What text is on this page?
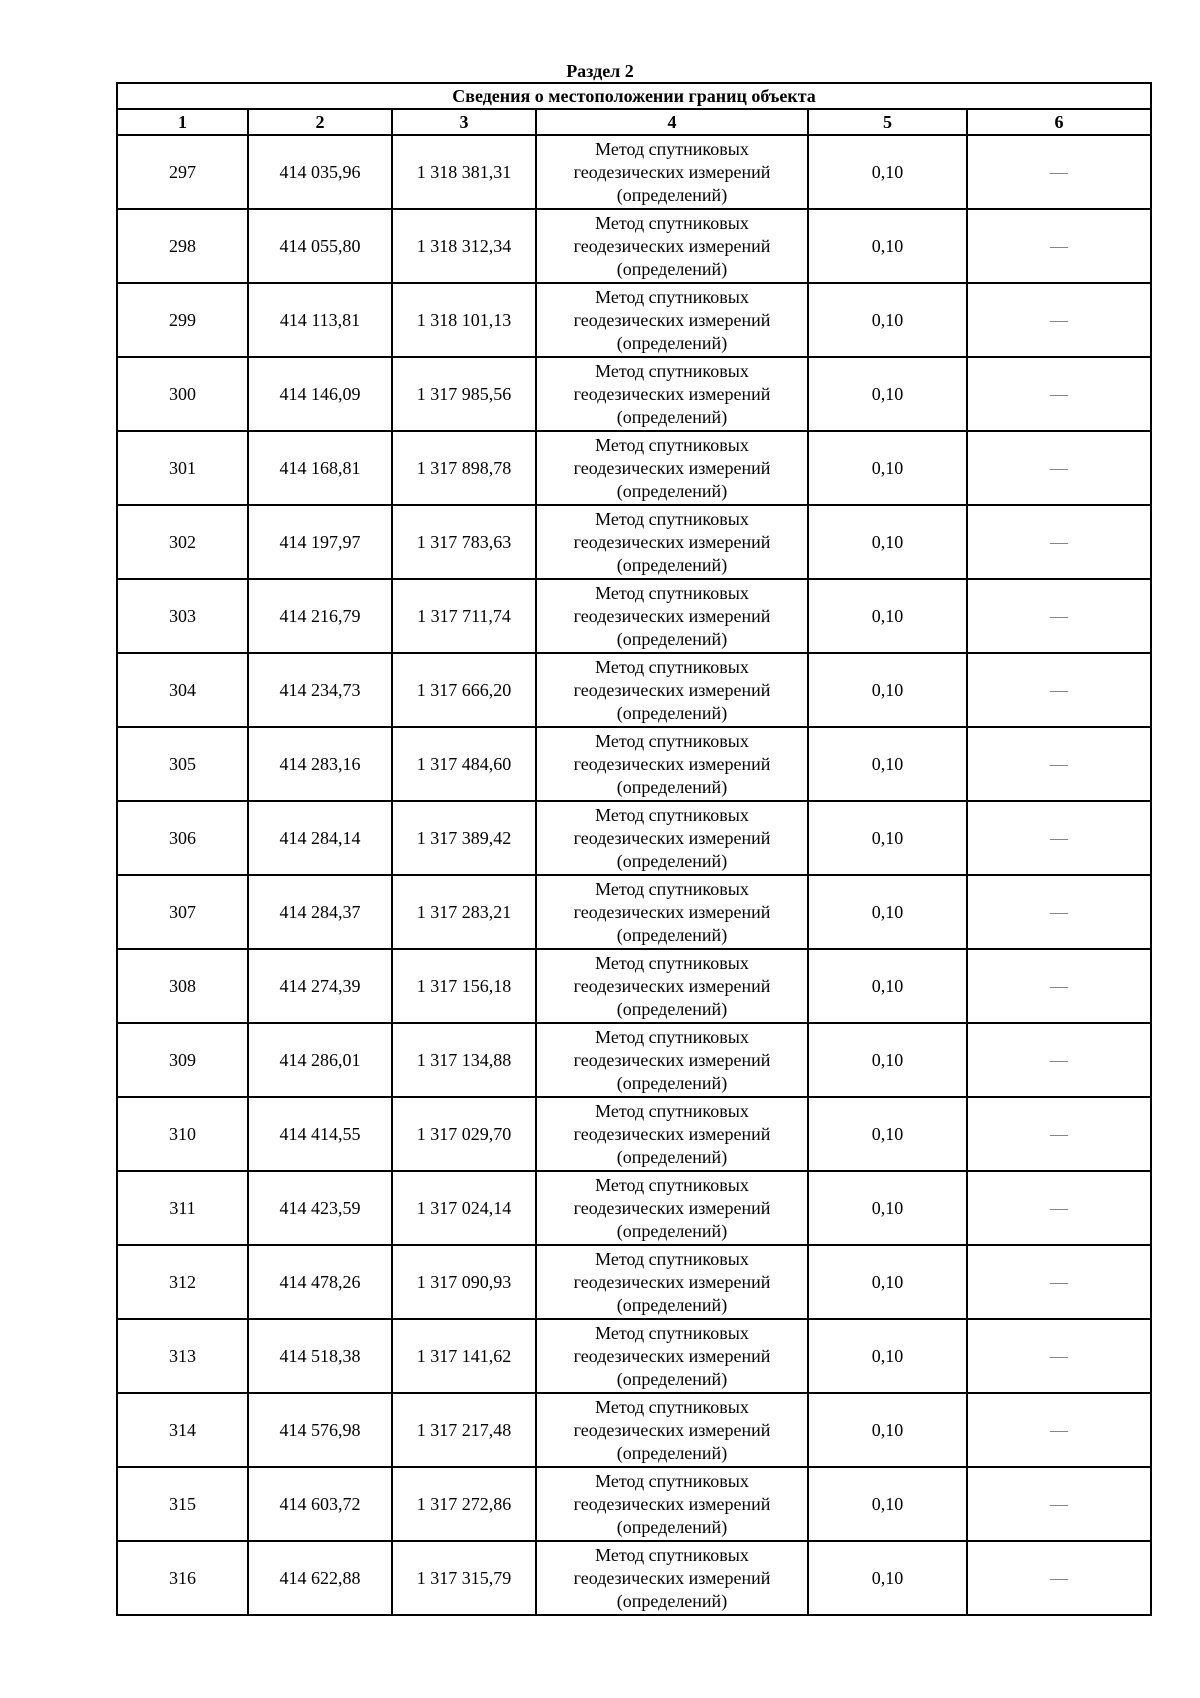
Раздел 2
Сведения о местоположении границ объекта					
1	2	3	4	5	6
297	414 035,96	1 318 381,31	Метод спутниковых геодезических измерений (определений)	0,10	—
298	414 055,80	1 318 312,34	Метод спутниковых геодезических измерений (определений)	0,10	—
299	414 113,81	1 318 101,13	Метод спутниковых геодезических измерений (определений)	0,10	—
300	414 146,09	1 317 985,56	Метод спутниковых геодезических измерений (определений)	0,10	—
301	414 168,81	1 317 898,78	Метод спутниковых геодезических измерений (определений)	0,10	—
302	414 197,97	1 317 783,63	Метод спутниковых геодезических измерений (определений)	0,10	—
303	414 216,79	1 317 711,74	Метод спутниковых геодезических измерений (определений)	0,10	—
304	414 234,73	1 317 666,20	Метод спутниковых геодезических измерений (определений)	0,10	—
305	414 283,16	1 317 484,60	Метод спутниковых геодезических измерений (определений)	0,10	—
306	414 284,14	1 317 389,42	Метод спутниковых геодезических измерений (определений)	0,10	—
307	414 284,37	1 317 283,21	Метод спутниковых геодезических измерений (определений)	0,10	—
308	414 274,39	1 317 156,18	Метод спутниковых геодезических измерений (определений)	0,10	—
309	414 286,01	1 317 134,88	Метод спутниковых геодезических измерений (определений)	0,10	—
310	414 414,55	1 317 029,70	Метод спутниковых геодезических измерений (определений)	0,10	—
311	414 423,59	1 317 024,14	Метод спутниковых геодезических измерений (определений)	0,10	—
312	414 478,26	1 317 090,93	Метод спутниковых геодезических измерений (определений)	0,10	—
313	414 518,38	1 317 141,62	Метод спутниковых геодезических измерений (определений)	0,10	—
314	414 576,98	1 317 217,48	Метод спутниковых геодезических измерений (определений)	0,10	—
315	414 603,72	1 317 272,86	Метод спутниковых геодезических измерений (определений)	0,10	—
316	414 622,88	1 317 315,79	Метод спутниковых геодезических измерений (определений)	0,10	—
